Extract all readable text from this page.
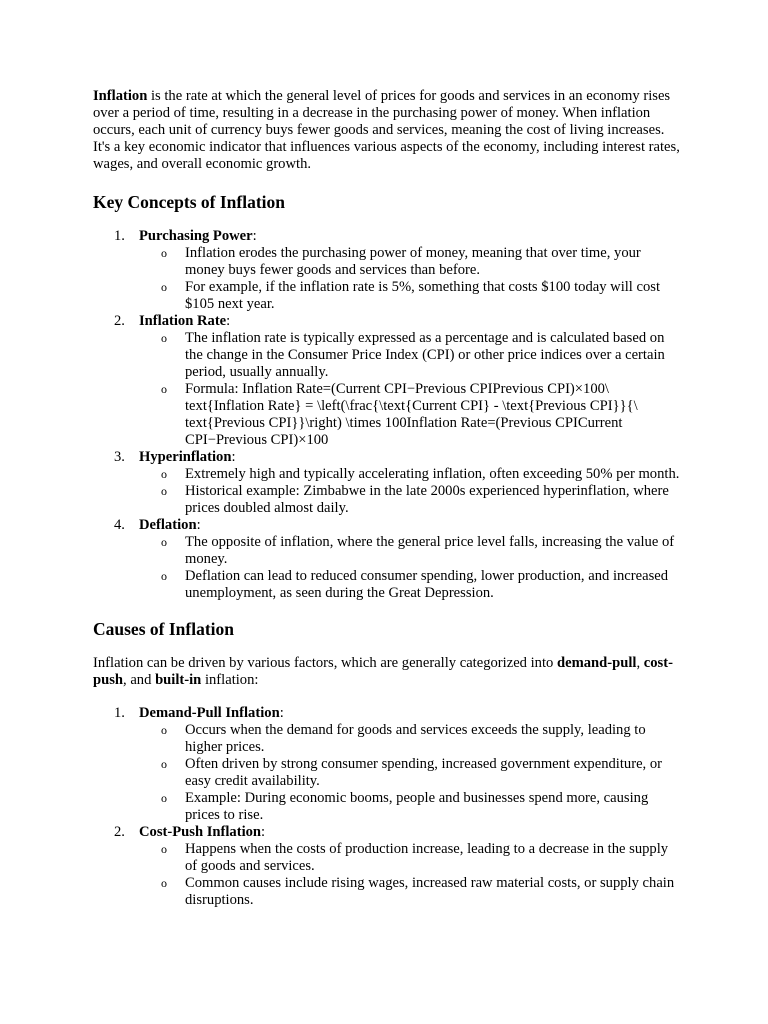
Inflation is the rate at which the general level of prices for goods and services in an economy rises over a period of time, resulting in a decrease in the purchasing power of money. When inflation occurs, each unit of currency buys fewer goods and services, meaning the cost of living increases. It's a key economic indicator that influences various aspects of the economy, including interest rates, wages, and overall economic growth.

Key Concepts of Inflation
1. Purchasing Power:
o Inflation erodes the purchasing power of money, meaning that over time, your money buys fewer goods and services than before.
o For example, if the inflation rate is 5%, something that costs $100 today will cost $105 next year.
2. Inflation Rate:
o The inflation rate is typically expressed as a percentage and is calculated based on the change in the Consumer Price Index (CPI) or other price indices over a certain period, usually annually.
o Formula: Inflation Rate=(Current CPI−Previous CPIPrevious CPI)×100\ text{Inflation Rate} = \left(\frac{\text{Current CPI} - \text{Previous CPI}}{\ text{Previous CPI}}\right) \times 100Inflation Rate=(Previous CPICurrent CPI−Previous CPI)×100
3. Hyperinflation:
o Extremely high and typically accelerating inflation, often exceeding 50% per month.
o Historical example: Zimbabwe in the late 2000s experienced hyperinflation, where prices doubled almost daily.
4. Deflation:
o The opposite of inflation, where the general price level falls, increasing the value of money.
o Deflation can lead to reduced consumer spending, lower production, and increased unemployment, as seen during the Great Depression.
Causes of Inflation

Inflation can be driven by various factors, which are generally categorized into demand-pull, cost-push, and built-in inflation:

1. Demand-Pull Inflation:
o Occurs when the demand for goods and services exceeds the supply, leading to higher prices.
o Often driven by strong consumer spending, increased government expenditure, or easy credit availability.
o Example: During economic booms, people and businesses spend more, causing prices to rise.
2. Cost-Push Inflation:
o Happens when the costs of production increase, leading to a decrease in the supply of goods and services.
o Common causes include rising wages, increased raw material costs, or supply chain disruptions.
